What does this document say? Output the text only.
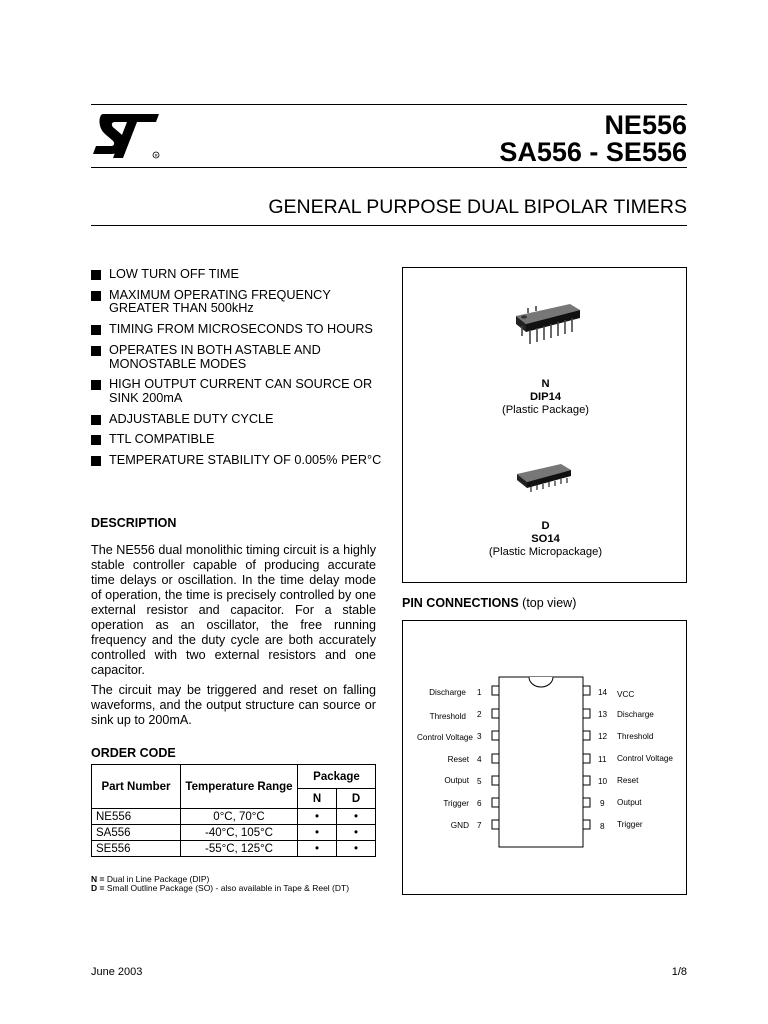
R
NE556
SA556 - SE556
GENERAL PURPOSE DUAL BIPOLAR TIMERS
LOW TURN OFF TIME
MAXIMUM OPERATING FREQUENCY GREATER THAN 500kHz
TIMING FROM MICROSECONDS TO HOURS
OPERATES IN BOTH ASTABLE AND MONOSTABLE MODES
HIGH OUTPUT CURRENT CAN SOURCE OR SINK 200mA
ADJUSTABLE DUTY CYCLE
TTL COMPATIBLE
TEMPERATURE STABILITY OF 0.005% PER°C
DESCRIPTION
The NE556 dual monolithic timing circuit is a highly stable controller capable of producing accurate time delays or oscillation. In the time delay mode of operation, the time is precisely controlled by one external resistor and capacitor. For a stable operation as an oscillator, the free running frequency and the duty cycle are both accurately controlled with two external resistors and one capacitor.
The circuit may be triggered and reset on falling waveforms, and the output structure can source or sink up to 200mA.
ORDER CODE
Part Number	Temperature Range	Package	
		N	D
NE556	0°C, 70°C	•	•
SA556	-40°C, 105°C	•	•
SE556	-55°C, 125°C	•	•
N = Dual in Line Package (DIP)
D = Small Outline Package (SO) - also available in Tape & Reel (DT)
N
DIP14
(Plastic Package)
D
SO14
(Plastic Micropackage)
PIN CONNECTIONS (top view)
Discharge 1
Threshold 2
Control Voltage 3
Reset 4
Output 5
Trigger 6
GND 7
14 VCC
13 Discharge
12 Threshold
11 Control Voltage
10 Reset
9 Output
8 Trigger
June 2003	1/8
